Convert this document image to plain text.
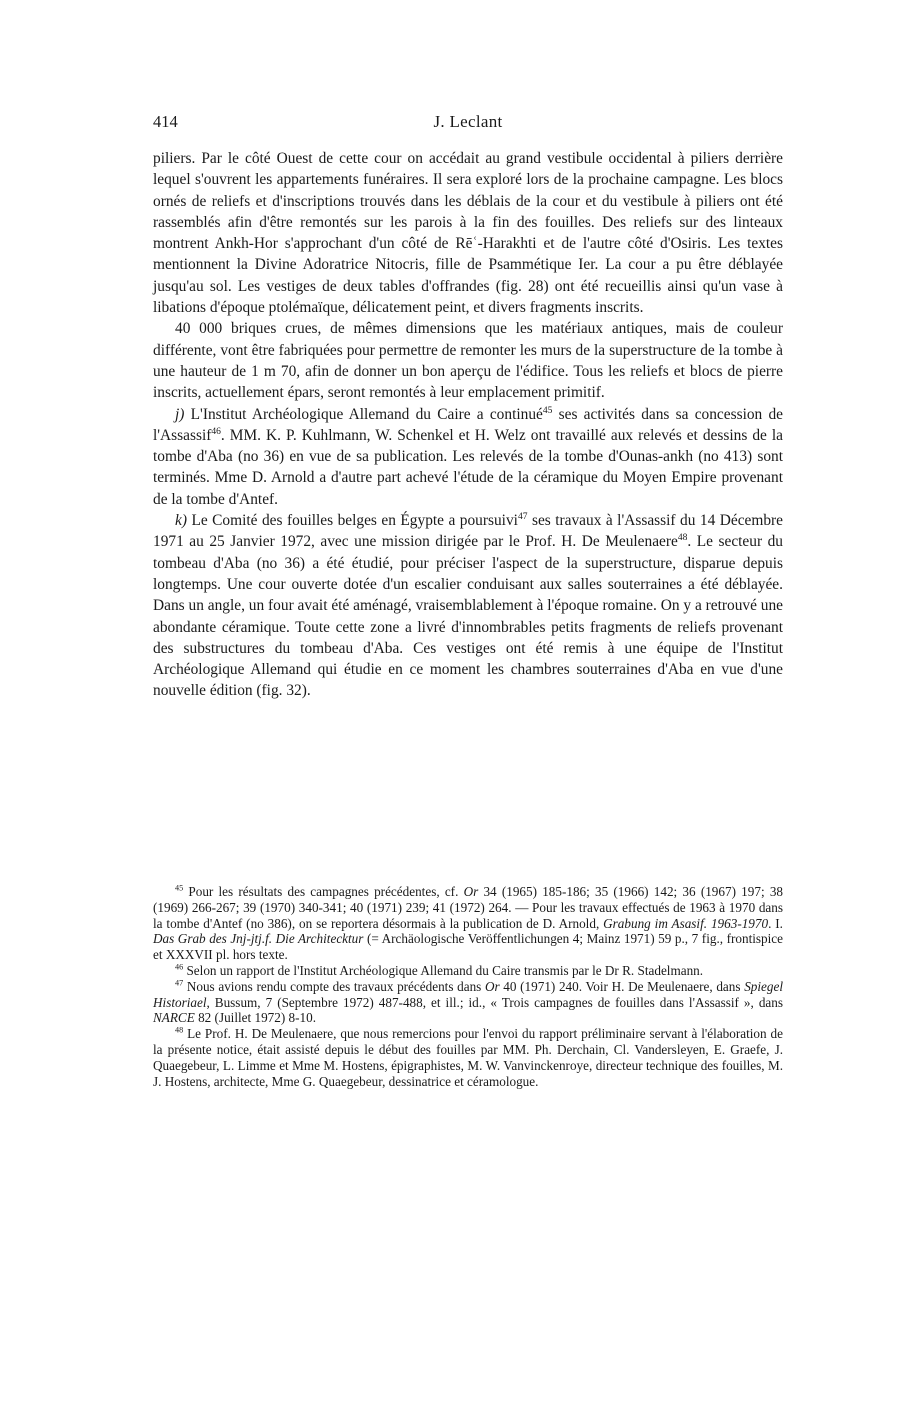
414	J. Leclant

piliers. Par le côté Ouest de cette cour on accédait au grand vestibule occidental à piliers derrière lequel s'ouvrent les appartements funéraires. Il sera exploré lors de la prochaine campagne. Les blocs ornés de reliefs et d'inscriptions trouvés dans les déblais de la cour et du vestibule à piliers ont été rassemblés afin d'être remontés sur les parois à la fin des fouilles. Des reliefs sur des linteaux montrent Ankh-Hor s'approchant d'un côté de Rēʿ-Harakhti et de l'autre côté d'Osiris. Les textes mentionnent la Divine Adoratrice Nitocris, fille de Psammétique Ier. La cour a pu être déblayée jusqu'au sol. Les vestiges de deux tables d'offrandes (fig. 28) ont été recueillis ainsi qu'un vase à libations d'époque ptolémaïque, délicatement peint, et divers fragments inscrits.

40 000 briques crues, de mêmes dimensions que les matériaux antiques, mais de couleur différente, vont être fabriquées pour permettre de remonter les murs de la superstructure de la tombe à une hauteur de 1 m 70, afin de donner un bon aperçu de l'édifice. Tous les reliefs et blocs de pierre inscrits, actuellement épars, seront remontés à leur emplacement primitif.

j) L'Institut Archéologique Allemand du Caire a continué$^{45}$ ses activités dans sa concession de l'Assassif$^{46}$. MM. K. P. Kuhlmann, W. Schenkel et H. Welz ont travaillé aux relevés et dessins de la tombe d'Aba (no 36) en vue de sa publication. Les relevés de la tombe d'Ounas-ankh (no 413) sont terminés. Mme D. Arnold a d'autre part achevé l'étude de la céramique du Moyen Empire provenant de la tombe d'Antef.

k) Le Comité des fouilles belges en Égypte a poursuivi$^{47}$ ses travaux à l'Assassif du 14 Décembre 1971 au 25 Janvier 1972, avec une mission dirigée par le Prof. H. De Meulenaere$^{48}$. Le secteur du tombeau d'Aba (no 36) a été étudié, pour préciser l'aspect de la superstructure, disparue depuis longtemps. Une cour ouverte dotée d'un escalier conduisant aux salles souterraines a été déblayée. Dans un angle, un four avait été aménagé, vraisemblablement à l'époque romaine. On y a retrouvé une abondante céramique. Toute cette zone a livré d'innombrables petits fragments de reliefs provenant des substructures du tombeau d'Aba. Ces vestiges ont été remis à une équipe de l'Institut Archéologique Allemand qui étudie en ce moment les chambres souterraines d'Aba en vue d'une nouvelle édition (fig. 32).

$^{45}$ Pour les résultats des campagnes précédentes, cf. Or 34 (1965) 185-186; 35 (1966) 142; 36 (1967) 197; 38 (1969) 266-267; 39 (1970) 340-341; 40 (1971) 239; 41 (1972) 264. — Pour les travaux effectués de 1963 à 1970 dans la tombe d'Antef (no 386), on se reportera désormais à la publication de D. Arnold, Grabung im Asasif. 1963-1970. I. Das Grab des Jnj-jtj.f. Die Architecktur (= Archäologische Veröffentlichungen 4; Mainz 1971) 59 p., 7 fig., frontispice et XXXVII pl. hors texte.

$^{46}$ Selon un rapport de l'Institut Archéologique Allemand du Caire transmis par le Dr R. Stadelmann.

$^{47}$ Nous avions rendu compte des travaux précédents dans Or 40 (1971) 240. Voir H. De Meulenaere, dans Spiegel Historiael, Bussum, 7 (Septembre 1972) 487-488, et ill.; id., « Trois campagnes de fouilles dans l'Assassif », dans NARCE 82 (Juillet 1972) 8-10.

$^{48}$ Le Prof. H. De Meulenaere, que nous remercions pour l'envoi du rapport préliminaire servant à l'élaboration de la présente notice, était assisté depuis le début des fouilles par MM. Ph. Derchain, Cl. Vandersleyen, E. Graefe, J. Quaegebeur, L. Limme et Mme M. Hostens, épigraphistes, M. W. Vanvinckenroye, directeur technique des fouilles, M. J. Hostens, architecte, Mme G. Quaegebeur, dessinatrice et céramologue.
